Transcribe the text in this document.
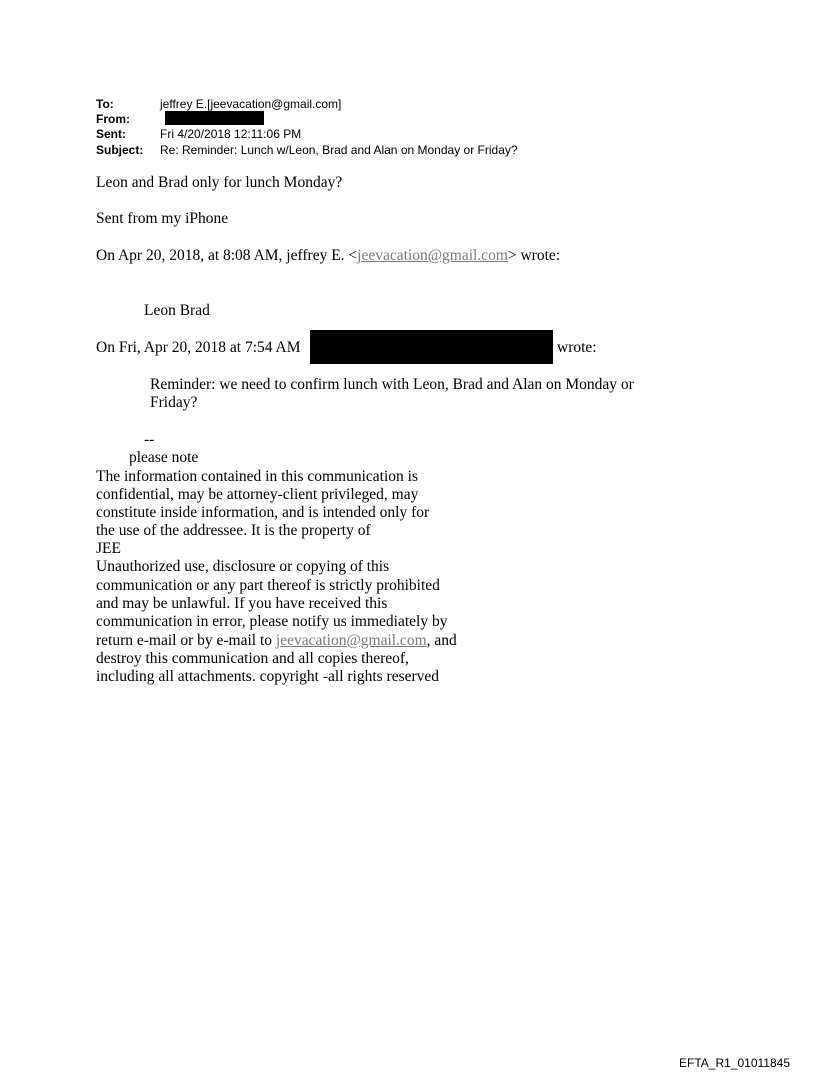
To:	jeffrey E.[jeevacation@gmail.com]
From:
Sent:	Fri 4/20/2018 12:11:06 PM
Subject: Re: Reminder: Lunch w/Leon, Brad and Alan on Monday or Friday?
Leon and Brad only for lunch Monday?
Sent from my iPhone
On Apr 20, 2018, at 8:08 AM, jeffrey E. <jeevacation@gmail.com> wrote:
Leon Brad
On Fri, Apr 20, 2018 at 7:54 AM	wrote:
Reminder: we need to confirm lunch with Leon, Brad and Alan on Monday or
Friday?
--
please note
The information contained in this communication is
confidential, may be attorney-client privileged, may
constitute inside information, and is intended only for
the use of the addressee. It is the property of
JEE
Unauthorized use, disclosure or copying of this
communication or any part thereof is strictly prohibited
and may be unlawful. If you have received this
communication in error, please notify us immediately by
return e-mail or by e-mail to jeevacation@gmail.com, and
destroy this communication and all copies thereof,
including all attachments. copyright -all rights reserved
EFTA_R1_01011845
